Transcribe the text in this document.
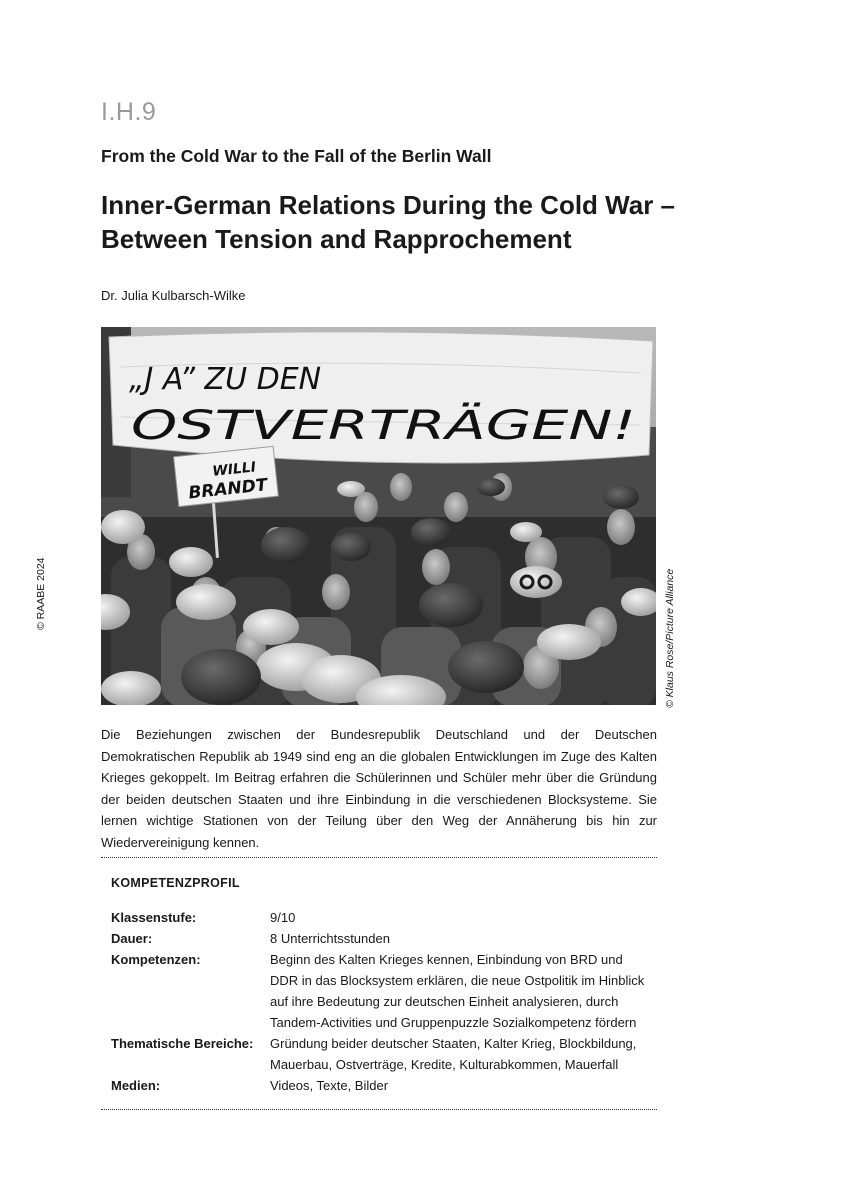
I.H.9
From the Cold War to the Fall of the Berlin Wall
Inner-German Relations During the Cold War –
Between Tension and Rapprochement
Dr. Julia Kulbarsch-Wilke
© RAABE 2024
„J A” ZU DEN
OSTVERTRÄGEN!
WILLI
BRANDT
© Klaus Rose/Picture Alliance

Die Beziehungen zwischen der Bundesrepublik Deutschland und der Deutschen Demokratischen Republik ab 1949 sind eng an die globalen Entwicklungen im Zuge des Kalten Krieges gekoppelt. Im Beitrag erfahren die Schülerinnen und Schüler mehr über die Gründung der beiden deutschen Staaten und ihre Einbindung in die verschiedenen Blocksysteme. Sie lernen wichtige Stationen von der Teilung über den Weg der Annäherung bis hin zur Wiedervereinigung kennen.

KOMPETENZPROFIL
Klassenstufe:	9/10
Dauer:	8 Unterrichtsstunden
Kompetenzen:	Beginn des Kalten Krieges kennen, Einbindung von BRD und DDR in das Blocksystem erklären, die neue Ostpolitik im Hinblick auf ihre Bedeutung zur deutschen Einheit analysieren, durch Tandem-Activities und Gruppenpuzzle Sozialkompetenz fördern
Thematische Bereiche:	Gründung beider deutscher Staaten, Kalter Krieg, Blockbildung, Mauerbau, Ostverträge, Kredite, Kulturabkommen, Mauerfall
Medien:	Videos, Texte, Bilder
